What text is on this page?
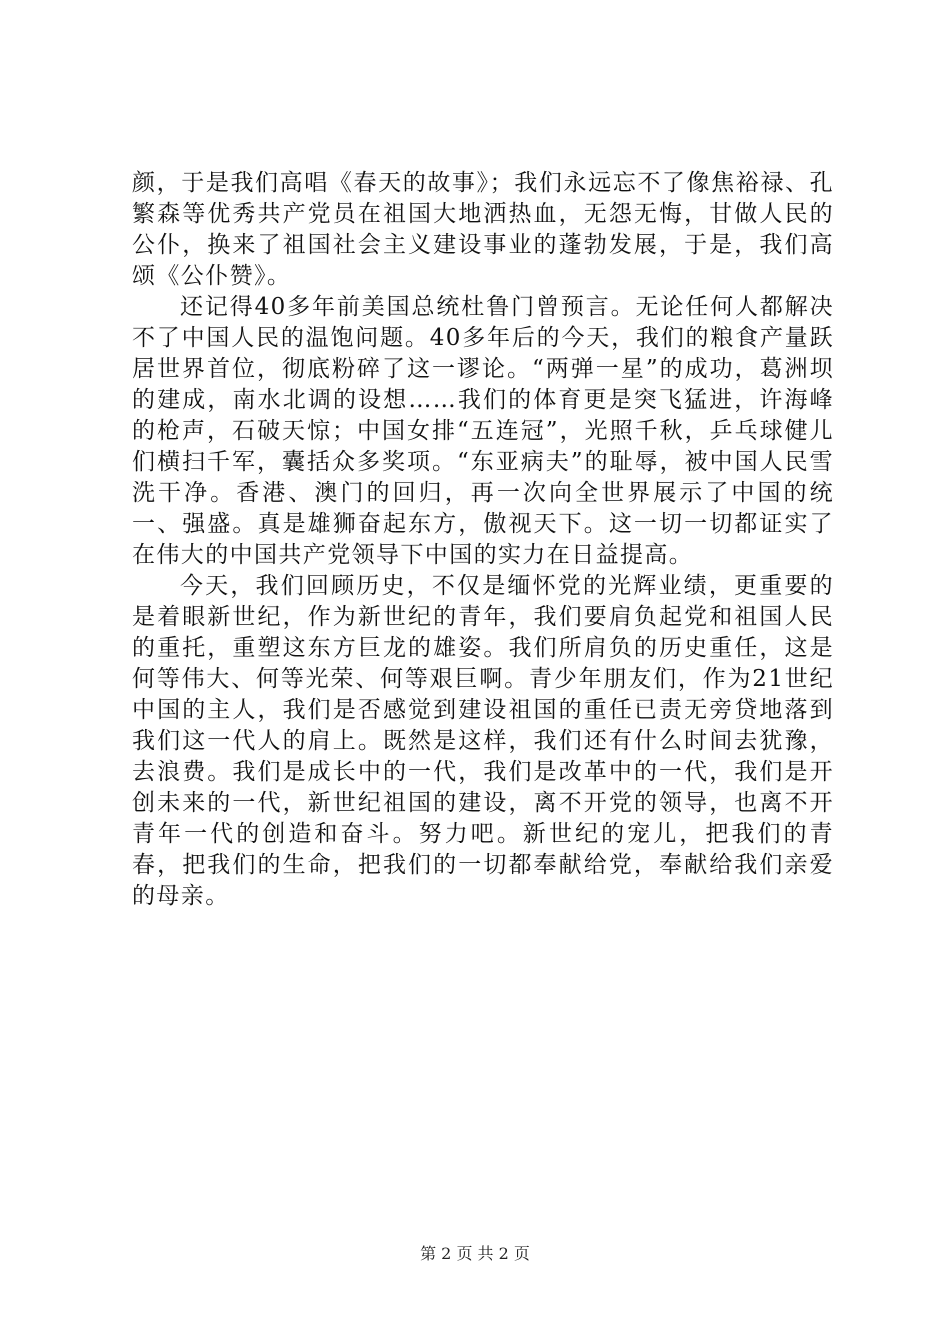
颜，于是我们高唱《春天的故事》；我们永远忘不了像焦裕禄、孔繁森等优秀共产党员在祖国大地洒热血，无怨无悔，甘做人民的公仆，换来了祖国社会主义建设事业的蓬勃发展，于是，我们高颂《公仆赞》。

还记得40多年前美国总统杜鲁门曾预言。无论任何人都解决不了中国人民的温饱问题。40多年后的今天，我们的粮食产量跃居世界首位，彻底粉碎了这一谬论。“两弹一星”的成功，葛洲坝的建成，南水北调的设想……我们的体育更是突飞猛进，许海峰的枪声，石破天惊；中国女排“五连冠”，光照千秋，乒乓球健儿们横扫千军，囊括众多奖项。“东亚病夫”的耻辱，被中国人民雪洗干净。香港、澳门的回归，再一次向全世界展示了中国的统一、强盛。真是雄狮奋起东方，傲视天下。这一切一切都证实了在伟大的中国共产党领导下中国的实力在日益提高。

今天，我们回顾历史，不仅是缅怀党的光辉业绩，更重要的是着眼新世纪，作为新世纪的青年，我们要肩负起党和祖国人民的重托，重塑这东方巨龙的雄姿。我们所肩负的历史重任，这是何等伟大、何等光荣、何等艰巨啊。青少年朋友们，作为21世纪中国的主人，我们是否感觉到建设祖国的重任已责无旁贷地落到我们这一代人的肩上。既然是这样，我们还有什么时间去犹豫，去浪费。我们是成长中的一代，我们是改革中的一代，我们是开创未来的一代，新世纪祖国的建设，离不开党的领导，也离不开青年一代的创造和奋斗。努力吧。新世纪的宠儿，把我们的青春，把我们的生命，把我们的一切都奉献给党，奉献给我们亲爱的母亲。

第 2 页 共 2 页
